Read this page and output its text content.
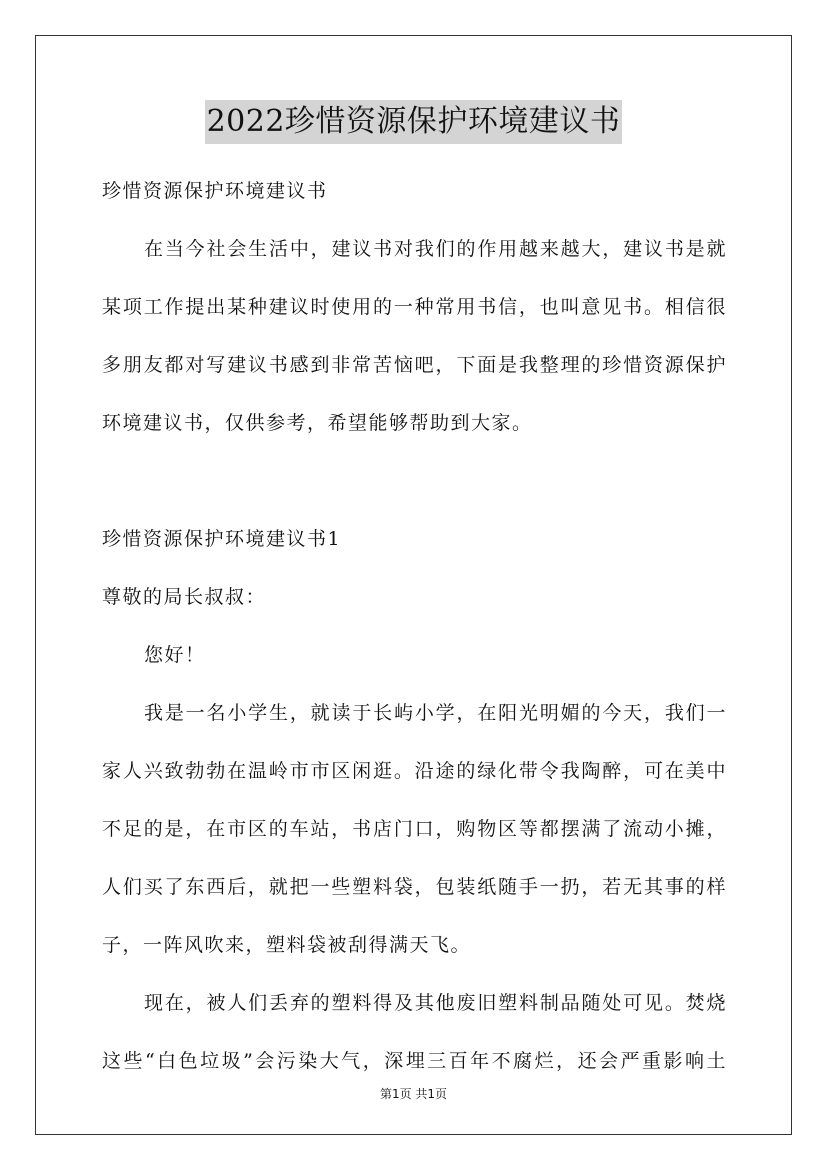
2022珍惜资源保护环境建议书
珍惜资源保护环境建议书
在当今社会生活中，建议书对我们的作用越来越大，建议书是就
某项工作提出某种建议时使用的一种常用书信，也叫意见书。相信很
多朋友都对写建议书感到非常苦恼吧，下面是我整理的珍惜资源保护
环境建议书，仅供参考，希望能够帮助到大家。
珍惜资源保护环境建议书1
尊敬的局长叔叔：
您好！
我是一名小学生，就读于长屿小学，在阳光明媚的今天，我们一
家人兴致勃勃在温岭市市区闲逛。沿途的绿化带令我陶醉，可在美中
不足的是，在市区的车站，书店门口，购物区等都摆满了流动小摊，
人们买了东西后，就把一些塑料袋，包装纸随手一扔，若无其事的样
子，一阵风吹来，塑料袋被刮得满天飞。
现在，被人们丢弃的塑料得及其他废旧塑料制品随处可见。焚烧
这些“白色垃圾”会污染大气，深埋三百年不腐烂，还会严重影响土
第1页 共1页
